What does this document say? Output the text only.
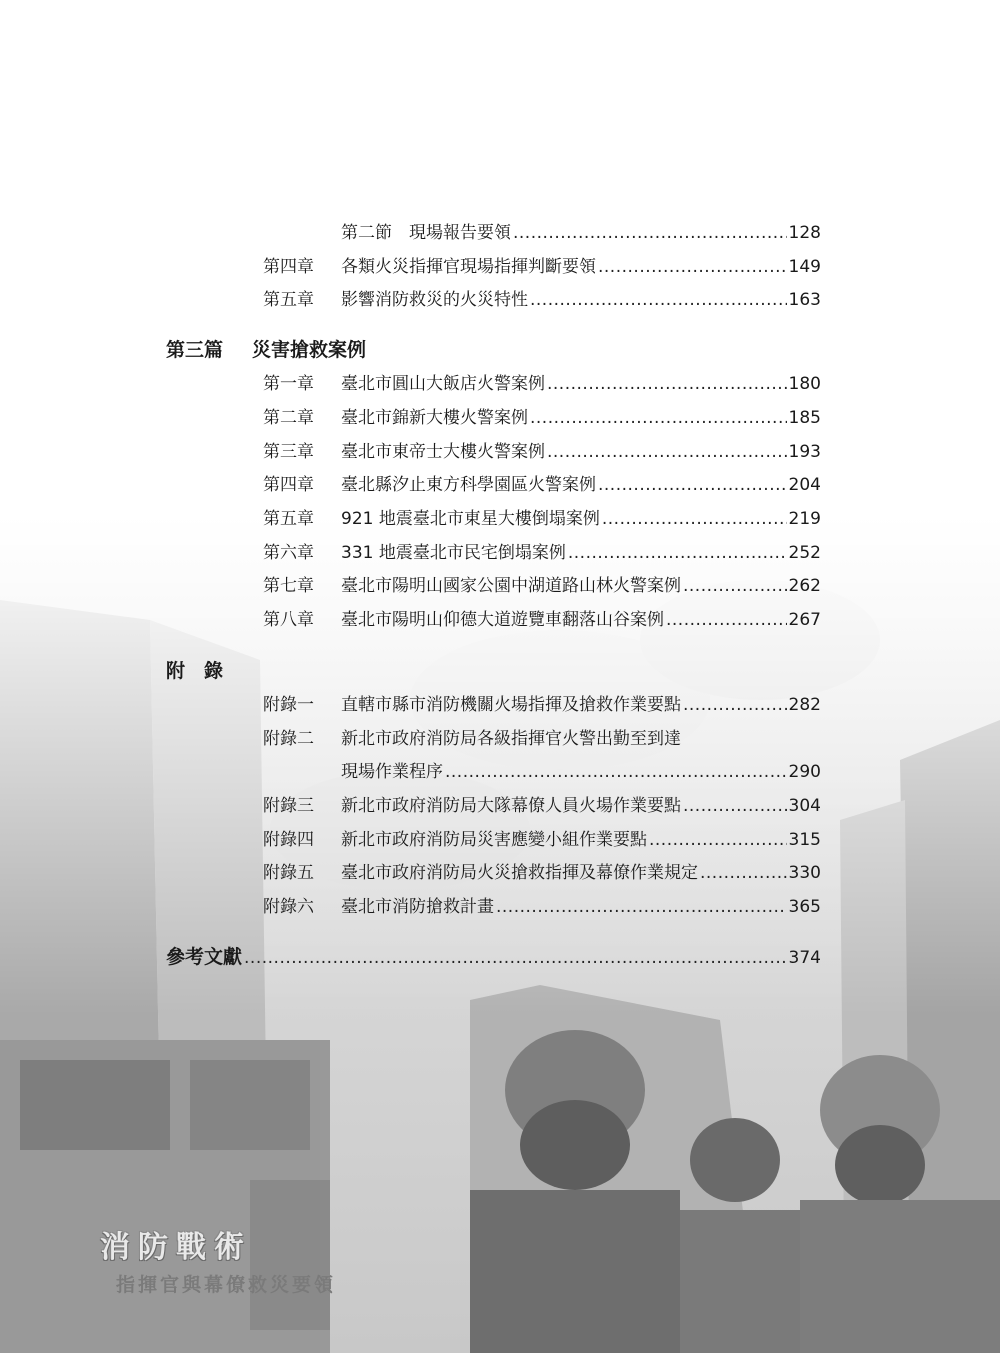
第二節　現場報告要領 .....	128
第四章	各類火災指揮官現場指揮判斷要領 .....	149
第五章	影響消防救災的火災特性 .....	163
第三篇 災害搶救案例
第一章	臺北市圓山大飯店火警案例 .....	180
第二章	臺北市錦新大樓火警案例 .....	185
第三章	臺北市東帝士大樓火警案例 .....	193
第四章	臺北縣汐止東方科學園區火警案例 .....	204
第五章	921 地震臺北市東星大樓倒塌案例 .....	219
第六章	331 地震臺北市民宅倒塌案例 .....	252
第七章	臺北市陽明山國家公園中湖道路山林火警案例 .....	262
第八章	臺北市陽明山仰德大道遊覽車翻落山谷案例 .....	267
附　錄
附錄一	直轄市縣市消防機關火場指揮及搶救作業要點 .....	282
附錄二	新北市政府消防局各級指揮官火警出勤至到達
現場作業程序 .....	290
附錄三	新北市政府消防局大隊幕僚人員火場作業要點 .....	304
附錄四	新北市政府消防局災害應變小組作業要點 .....	315
附錄五	臺北市政府消防局火災搶救指揮及幕僚作業規定 .....	330
附錄六	臺北市消防搶救計畫 .....	365
參考文獻 .....	374
消防戰術
指揮官與幕僚救災要領
